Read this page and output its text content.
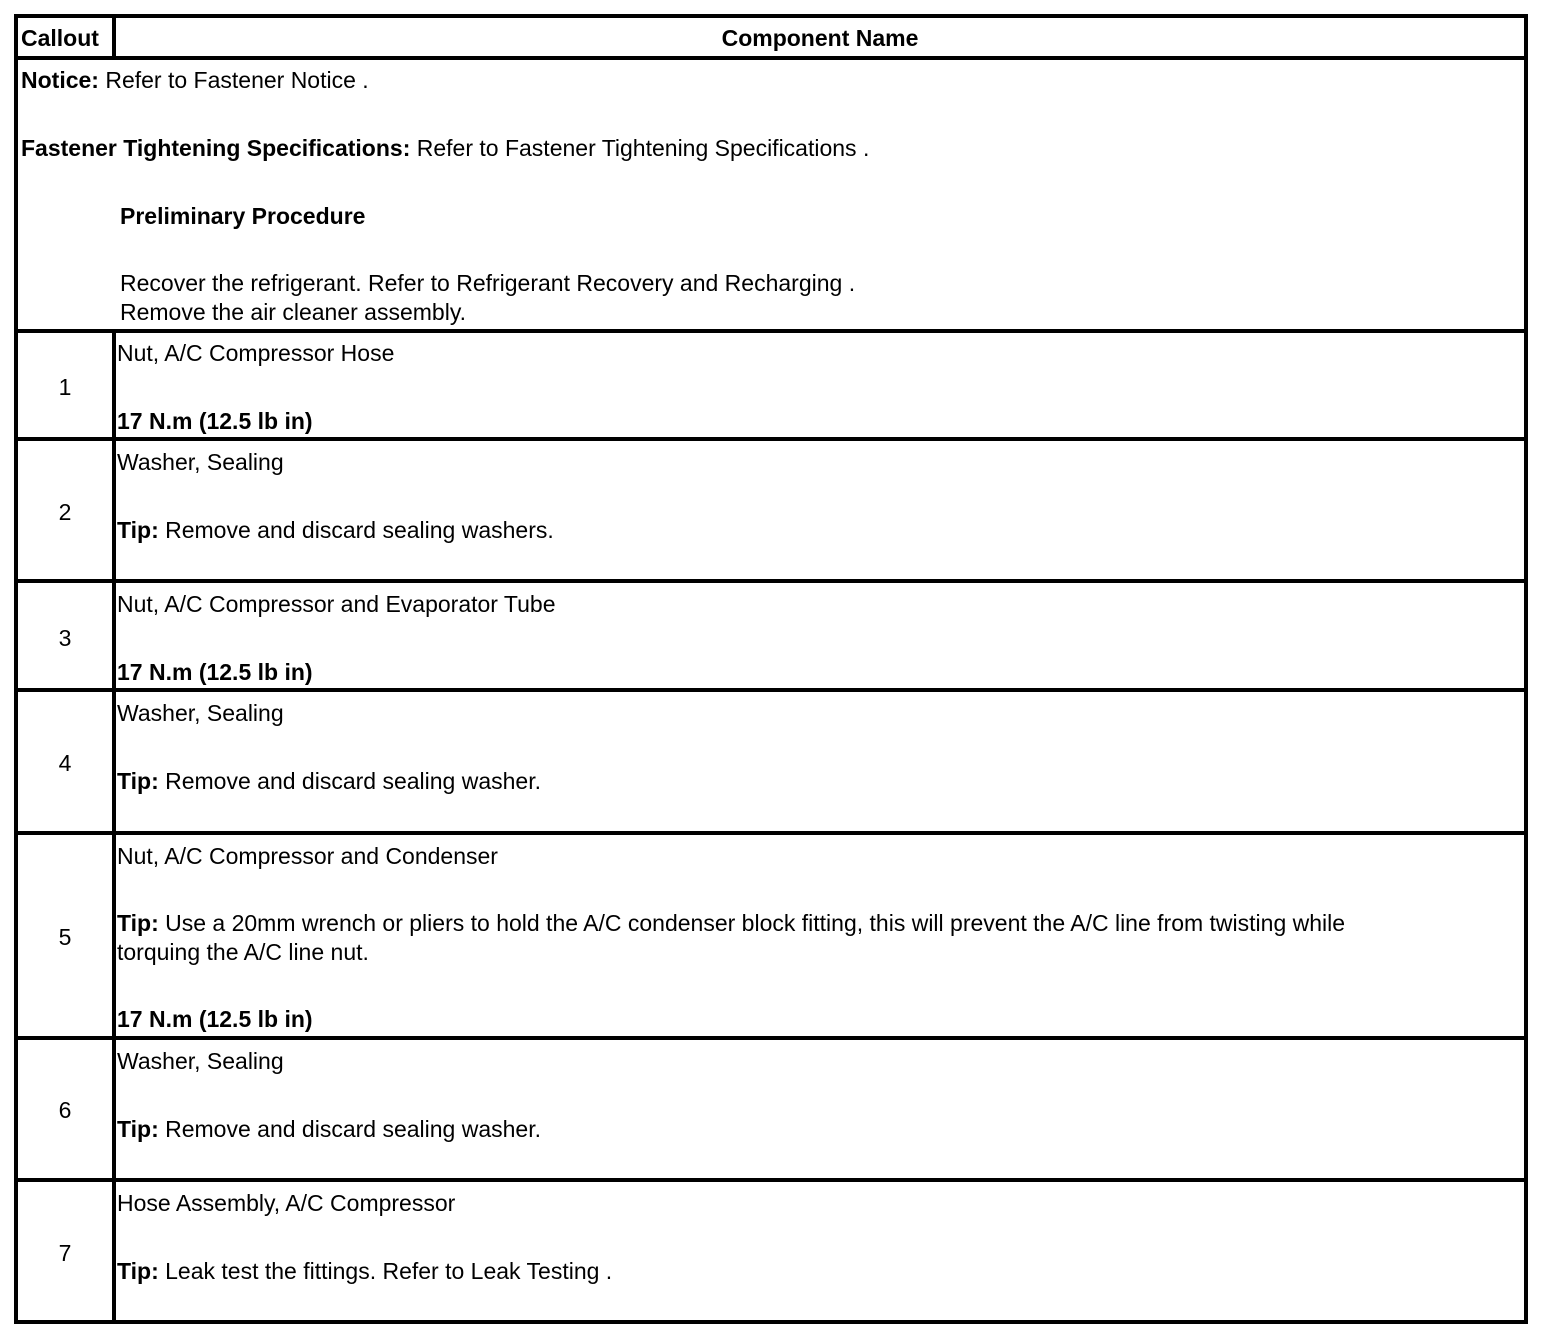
Callout	Component Name
Notice: Refer to Fastener Notice .
Fastener Tightening Specifications: Refer to Fastener Tightening Specifications .
Preliminary Procedure
Recover the refrigerant. Refer to Refrigerant Recovery and Recharging .
Remove the air cleaner assembly.
1
Nut, A/C Compressor Hose
17 N.m (12.5 lb in)
2
Washer, Sealing
Tip: Remove and discard sealing washers.
3
Nut, A/C Compressor and Evaporator Tube
17 N.m (12.5 lb in)
4
Washer, Sealing
Tip: Remove and discard sealing washer.
5
Nut, A/C Compressor and Condenser
Tip: Use a 20mm wrench or pliers to hold the A/C condenser block fitting, this will prevent the A/C line from twisting while
torquing the A/C line nut.
17 N.m (12.5 lb in)
6
Washer, Sealing
Tip: Remove and discard sealing washer.
7
Hose Assembly, A/C Compressor
Tip: Leak test the fittings. Refer to Leak Testing .
